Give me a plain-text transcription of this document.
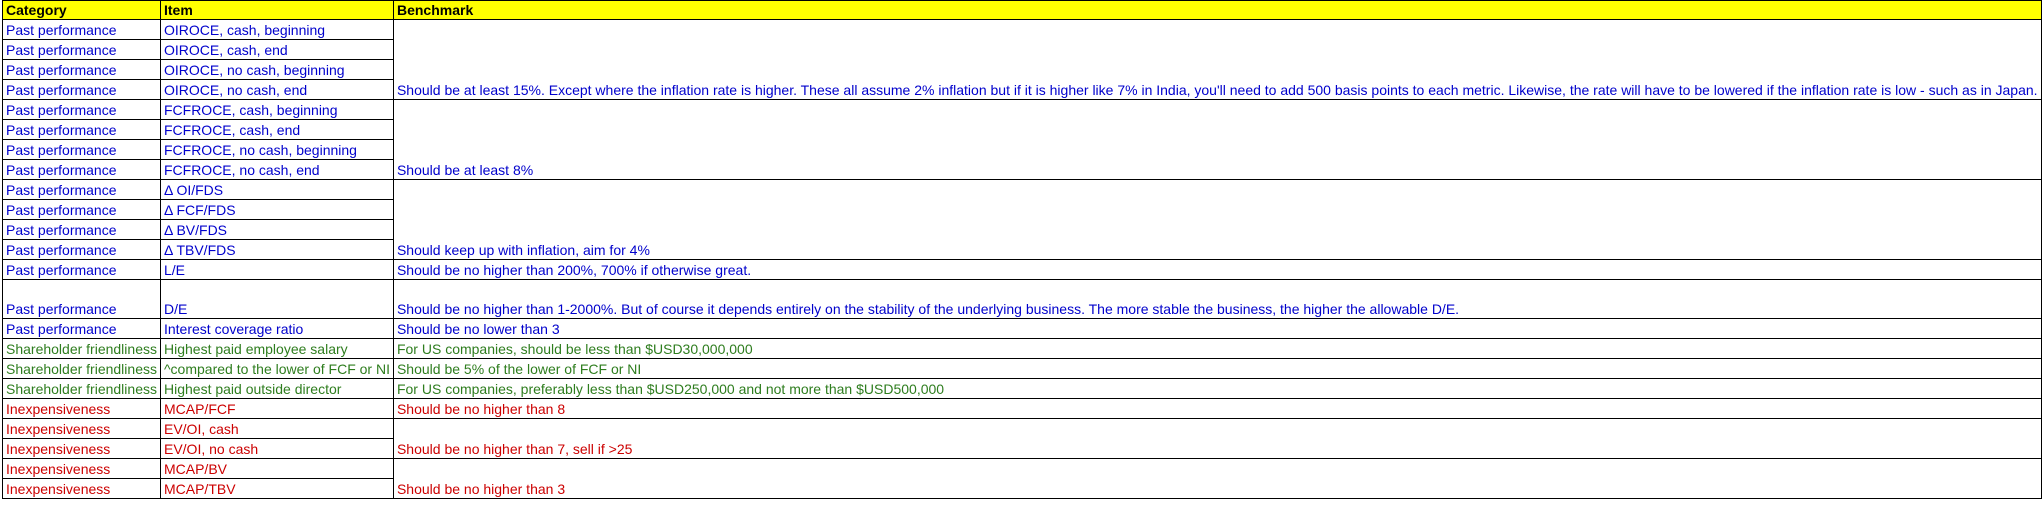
Category	Item	Benchmark
Past performance	OIROCE, cash, beginning	Should be at least 15%. Except where the inflation rate is higher. These all assume 2% inflation but if it is higher like 7% in India, you'll need to add 500 basis points to each metric. Likewise, the rate will have to be lowered if the inflation rate is low - such as in Japan.
Past performance	OIROCE, cash, end	
Past performance	OIROCE, no cash, beginning	
Past performance	OIROCE, no cash, end	
Past performance	FCFROCE, cash, beginning	Should be at least 8%
Past performance	FCFROCE, cash, end	
Past performance	FCFROCE, no cash, beginning	
Past performance	FCFROCE, no cash, end	
Past performance	Δ OI/FDS	Should keep up with inflation, aim for 4%
Past performance	Δ FCF/FDS	
Past performance	Δ BV/FDS	
Past performance	Δ TBV/FDS	
Past performance	L/E	Should be no higher than 200%, 700% if otherwise great.
Past performance	D/E	Should be no higher than 1-2000%. But of course it depends entirely on the stability of the underlying business. The more stable the business, the higher the allowable D/E.
Past performance	Interest coverage ratio	Should be no lower than 3
Shareholder friendliness	Highest paid employee salary	For US companies, should be less than $USD30,000,000
Shareholder friendliness	^compared to the lower of FCF or NI	Should be 5% of the lower of FCF or NI
Shareholder friendliness	Highest paid outside director	For US companies, preferably less than $USD250,000 and not more than $USD500,000
Inexpensiveness	MCAP/FCF	Should be no higher than 8
Inexpensiveness	EV/OI, cash	Should be no higher than 7, sell if >25
Inexpensiveness	EV/OI, no cash	
Inexpensiveness	MCAP/BV	Should be no higher than 3
Inexpensiveness	MCAP/TBV	
